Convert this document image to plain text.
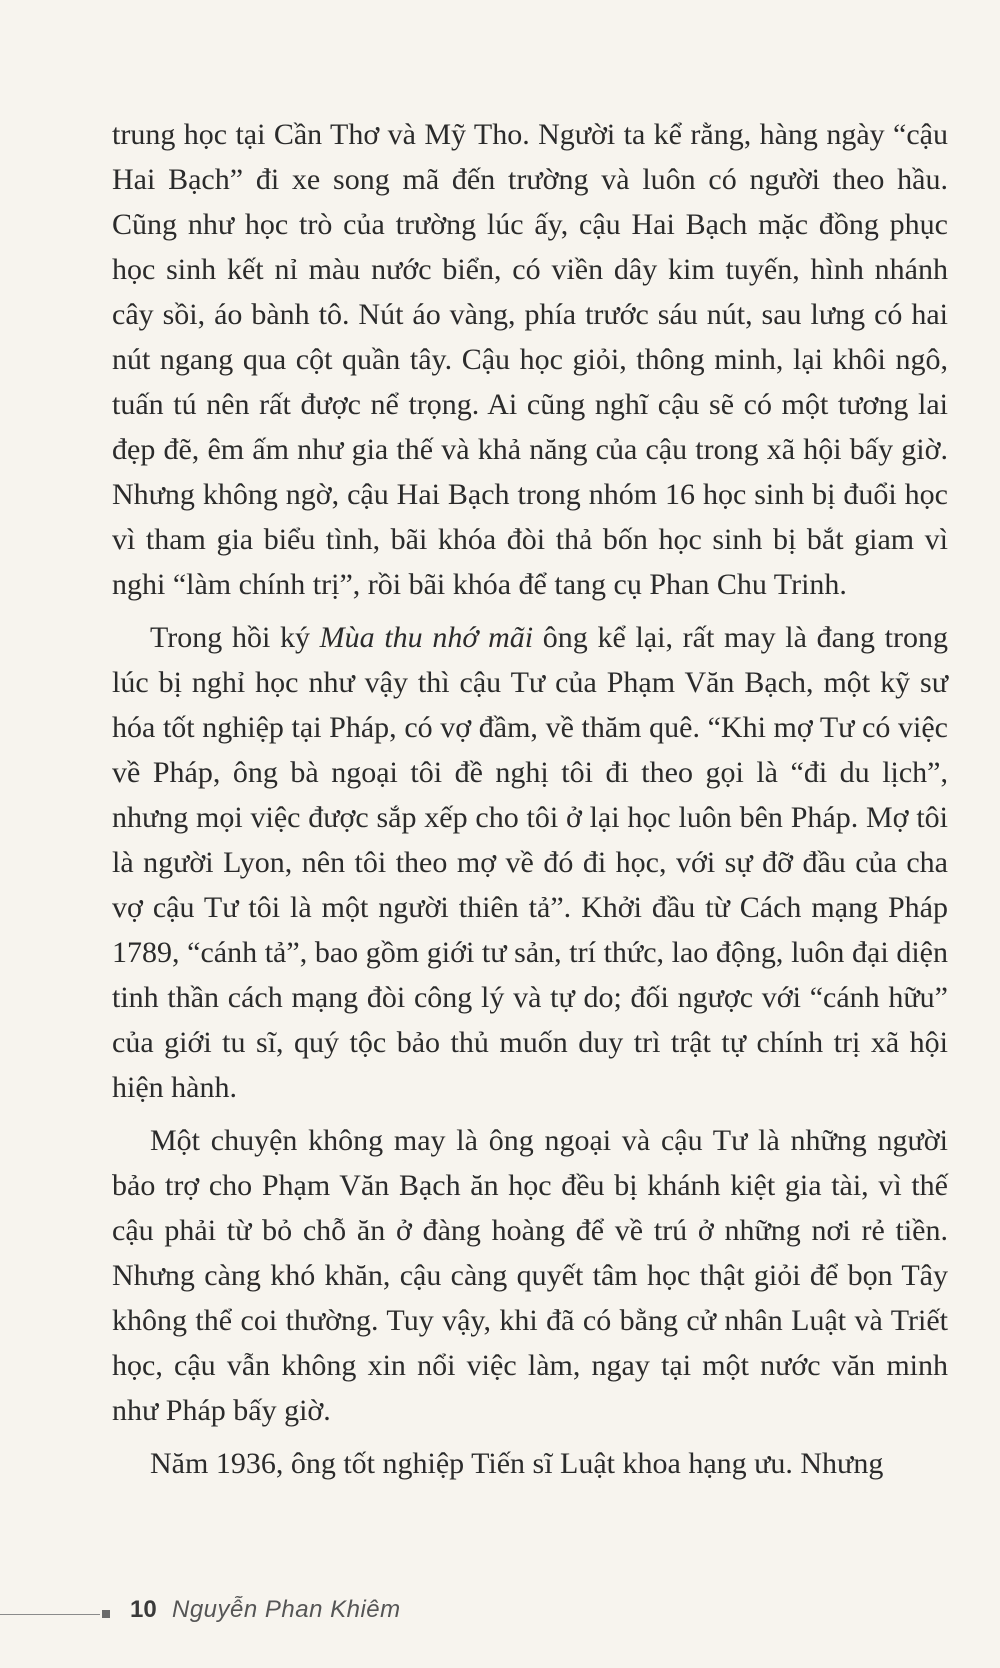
trung học tại Cần Thơ và Mỹ Tho. Người ta kể rằng, hàng ngày “cậu Hai Bạch” đi xe song mã đến trường và luôn có người theo hầu. Cũng như học trò của trường lúc ấy, cậu Hai Bạch mặc đồng phục học sinh kết nỉ màu nước biển, có viền dây kim tuyến, hình nhánh cây sồi, áo bành tô. Nút áo vàng, phía trước sáu nút, sau lưng có hai nút ngang qua cột quần tây. Cậu học giỏi, thông minh, lại khôi ngô, tuấn tú nên rất được nể trọng. Ai cũng nghĩ cậu sẽ có một tương lai đẹp đẽ, êm ấm như gia thế và khả năng của cậu trong xã hội bấy giờ. Nhưng không ngờ, cậu Hai Bạch trong nhóm 16 học sinh bị đuổi học vì tham gia biểu tình, bãi khóa đòi thả bốn học sinh bị bắt giam vì nghi “làm chính trị”, rồi bãi khóa để tang cụ Phan Chu Trinh.

Trong hồi ký Mùa thu nhớ mãi ông kể lại, rất may là đang trong lúc bị nghỉ học như vậy thì cậu Tư của Phạm Văn Bạch, một kỹ sư hóa tốt nghiệp tại Pháp, có vợ đầm, về thăm quê. “Khi mợ Tư có việc về Pháp, ông bà ngoại tôi đề nghị tôi đi theo gọi là “đi du lịch”, nhưng mọi việc được sắp xếp cho tôi ở lại học luôn bên Pháp. Mợ tôi là người Lyon, nên tôi theo mợ về đó đi học, với sự đỡ đầu của cha vợ cậu Tư tôi là một người thiên tả”. Khởi đầu từ Cách mạng Pháp 1789, “cánh tả”, bao gồm giới tư sản, trí thức, lao động, luôn đại diện tinh thần cách mạng đòi công lý và tự do; đối ngược với “cánh hữu” của giới tu sĩ, quý tộc bảo thủ muốn duy trì trật tự chính trị xã hội hiện hành.

Một chuyện không may là ông ngoại và cậu Tư là những người bảo trợ cho Phạm Văn Bạch ăn học đều bị khánh kiệt gia tài, vì thế cậu phải từ bỏ chỗ ăn ở đàng hoàng để về trú ở những nơi rẻ tiền. Nhưng càng khó khăn, cậu càng quyết tâm học thật giỏi để bọn Tây không thể coi thường. Tuy vậy, khi đã có bằng cử nhân Luật và Triết học, cậu vẫn không xin nổi việc làm, ngay tại một nước văn minh như Pháp bấy giờ.

Năm 1936, ông tốt nghiệp Tiến sĩ Luật khoa hạng ưu. Nhưng

10 Nguyễn Phan Khiêm
